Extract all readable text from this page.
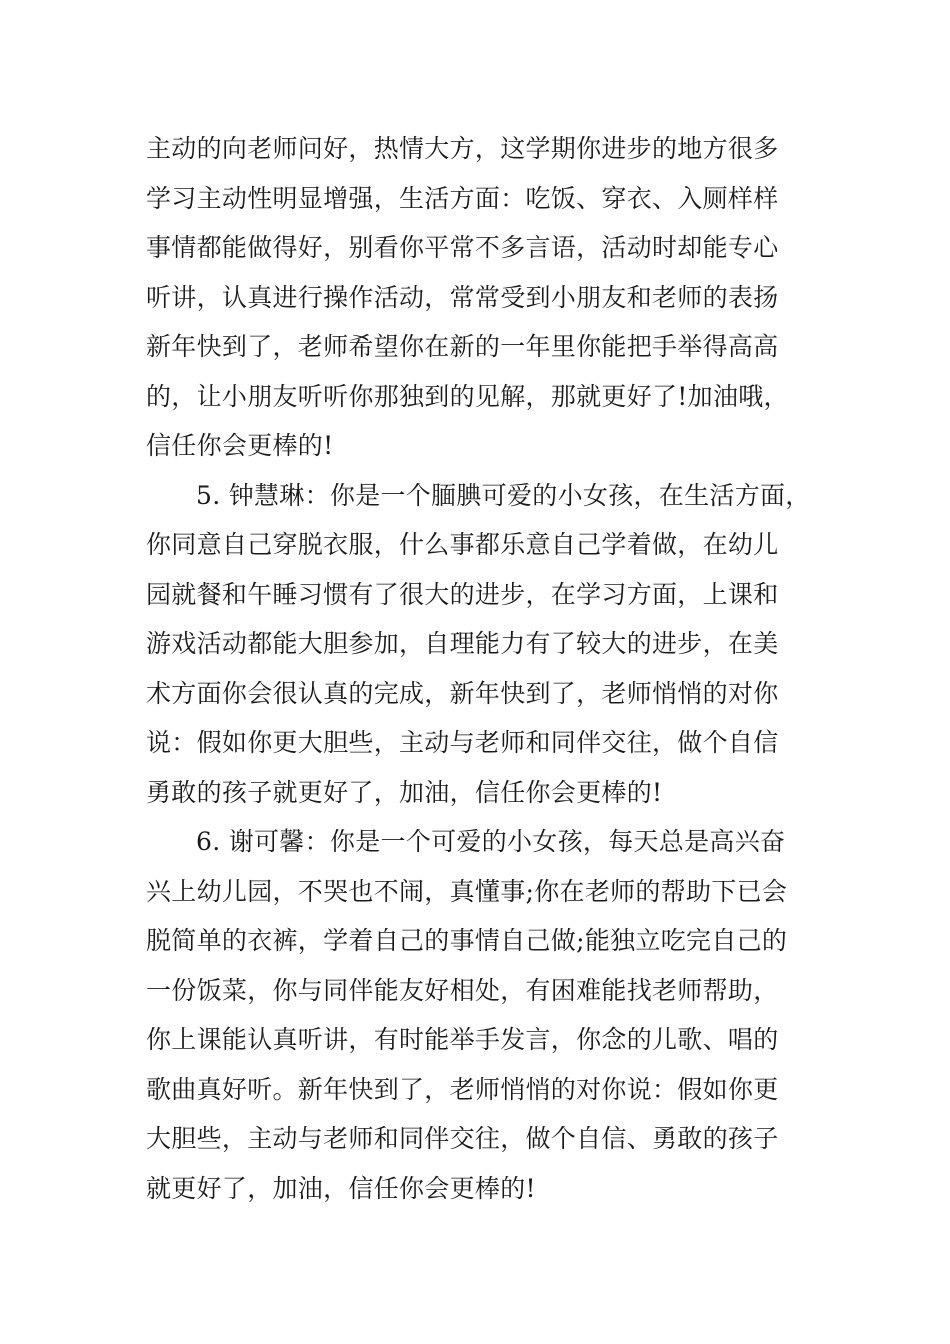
主动的向老师问好，热情大方，这学期你进步的地方很多
学习主动性明显增强，生活方面：吃饭、穿衣、入厕样样
事情都能做得好，别看你平常不多言语，活动时却能专心
听讲，认真进行操作活动，常常受到小朋友和老师的表扬
新年快到了，老师希望你在新的一年里你能把手举得高高
的，让小朋友听听你那独到的见解，那就更好了!加油哦，
信任你会更棒的!
5. 钟慧琳：你是一个腼腆可爱的小女孩，在生活方面，
你同意自己穿脱衣服，什么事都乐意自己学着做，在幼儿
园就餐和午睡习惯有了很大的进步，在学习方面，上课和
游戏活动都能大胆参加，自理能力有了较大的进步，在美
术方面你会很认真的完成，新年快到了，老师悄悄的对你
说：假如你更大胆些，主动与老师和同伴交往，做个自信
勇敢的孩子就更好了，加油，信任你会更棒的!
6. 谢可馨：你是一个可爱的小女孩，每天总是高兴奋
兴上幼儿园，不哭也不闹，真懂事;你在老师的帮助下已会
脱简单的衣裤，学着自己的事情自己做;能独立吃完自己的
一份饭菜，你与同伴能友好相处，有困难能找老师帮助，
你上课能认真听讲，有时能举手发言，你念的儿歌、唱的
歌曲真好听。新年快到了，老师悄悄的对你说：假如你更
大胆些，主动与老师和同伴交往，做个自信、勇敢的孩子
就更好了，加油，信任你会更棒的!
